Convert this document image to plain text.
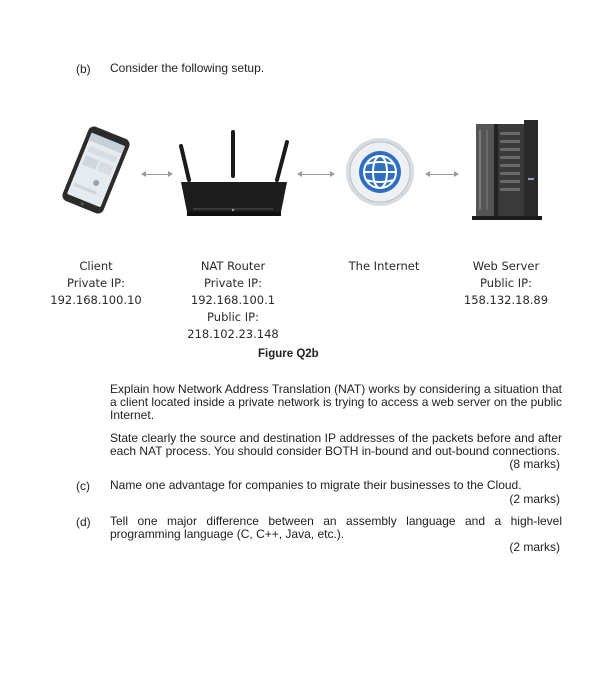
(b) Consider the following setup.
Client
Private IP:
192.168.100.10
NAT Router
Private IP:
192.168.100.1
Public IP:
218.102.23.148
The Internet	Web Server
Public IP:
158.132.18.89
Figure Q2b
Explain how Network Address Translation (NAT) works by considering a situation that a client located inside a private network is trying to access a web server on the public Internet.
State clearly the source and destination IP addresses of the packets before and after each NAT process. You should consider BOTH in-bound and out-bound connections.
(8 marks)
(c) Name one advantage for companies to migrate their businesses to the Cloud.
(2 marks)
(d) Tell one major difference between an assembly language and a high-level programming language (C, C++, Java, etc.).
(2 marks)
